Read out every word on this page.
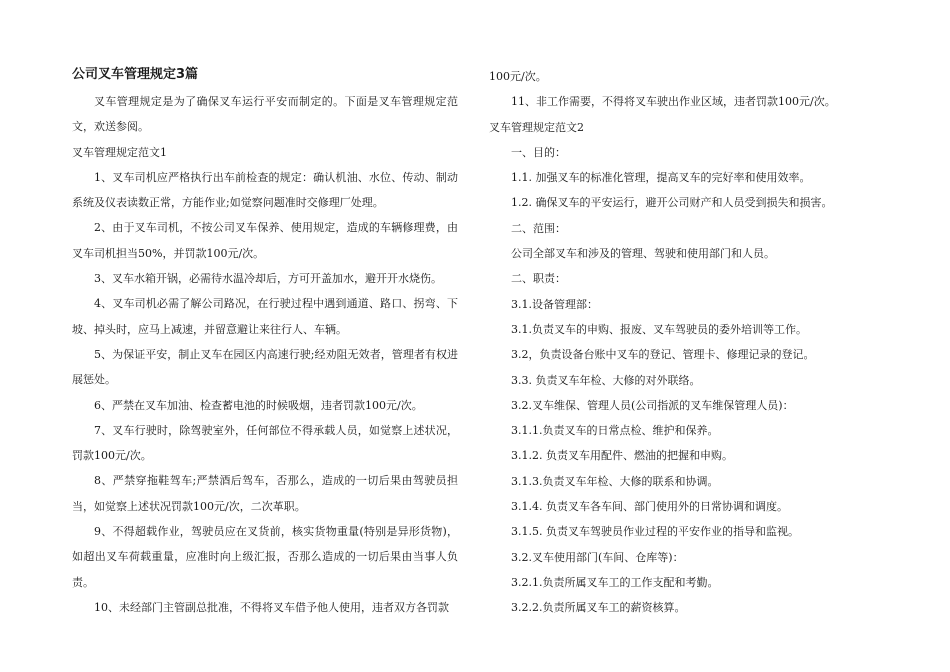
公司叉车管理规定3篇

叉车管理规定是为了确保叉车运行平安而制定的。下面是叉车管理规定范文，欢送参阅。

叉车管理规定范文1

1、叉车司机应严格执行出车前检查的规定：确认机油、水位、传动、制动系统及仪表读数正常，方能作业;如觉察问题准时交修理厂处理。

2、由于叉车司机，不按公司叉车保养、使用规定，造成的车辆修理费，由叉车司机担当50%，并罚款100元/次。

3、叉车水箱开锅，必需待水温冷却后，方可开盖加水，避开开水烧伤。

4、叉车司机必需了解公司路况，在行驶过程中遇到通道、路口、拐弯、下坡、掉头时，应马上减速，并留意避让来往行人、车辆。

5、为保证平安，制止叉车在园区内高速行驶;经劝阻无效者，管理者有权进展惩处。

6、严禁在叉车加油、检查蓄电池的时候吸烟，违者罚款100元/次。

7、叉车行驶时，除驾驶室外，任何部位不得承载人员，如觉察上述状况，罚款100元/次。

8、严禁穿拖鞋驾车;严禁酒后驾车，否那么，造成的一切后果由驾驶员担当，如觉察上述状况罚款100元/次，二次革职。

9、不得超载作业，驾驶员应在叉货前，核实货物重量(特别是异形货物)，如超出叉车荷载重量，应准时向上级汇报，否那么造成的一切后果由当事人负责。

10、未经部门主管副总批准，不得将叉车借予他人使用，违者双方各罚款

100元/次。

11、非工作需要，不得将叉车驶出作业区域，违者罚款100元/次。

叉车管理规定范文2

一、目的：

1.1. 加强叉车的标准化管理，提高叉车的完好率和使用效率。

1.2. 确保叉车的平安运行，避开公司财产和人员受到损失和损害。

二、范围：

公司全部叉车和涉及的管理、驾驶和使用部门和人员。

二、职责：

3.1.设备管理部：

3.1.负责叉车的申购、报废、叉车驾驶员的委外培训等工作。

3.2，负责设备台账中叉车的登记、管理卡、修理记录的登记。

3.3. 负责叉车年检、大修的对外联络。

3.2.叉车维保、管理人员(公司指派的叉车维保管理人员)：

3.1.1.负责叉车的日常点检、维护和保养。

3.1.2. 负责叉车用配件、燃油的把握和申购。

3.1.3.负责叉车年检、大修的联系和协调。

3.1.4. 负责叉车各车间、部门使用外的日常协调和调度。

3.1.5. 负责叉车驾驶员作业过程的平安作业的指导和监视。

3.2.叉车使用部门(车间、仓库等)：

3.2.1.负责所属叉车工的工作支配和考勤。

3.2.2.负责所属叉车工的薪资核算。
